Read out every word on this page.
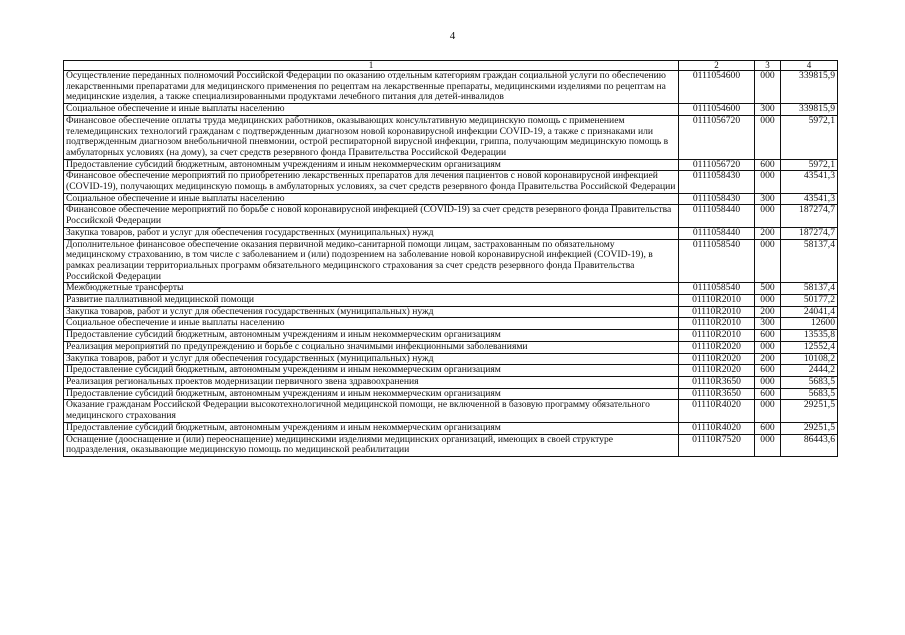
4
1	2	3	4
Осуществление переданных полномочий Российской Федерации по оказанию отдельным категориям граждан социальной услуги по обеспечению лекарственными препаратами для медицинского применения по рецептам на лекарственные препараты, медицинскими изделиями по рецептам на медицинские изделия, а также специализированными продуктами лечебного питания для детей-инвалидов	0111054600	000	339815,9
Социальное обеспечение и иные выплаты населению	0111054600	300	339815,9
Финансовое обеспечение оплаты труда медицинских работников, оказывающих консультативную медицинскую помощь с применением телемедицинских технологий гражданам с подтвержденным диагнозом новой коронавирусной инфекции COVID-19, а также с признаками или подтвержденным диагнозом внебольничной пневмонии, острой респираторной вирусной инфекции, гриппа, получающим медицинскую помощь в амбулаторных условиях (на дому), за счет средств резервного фонда Правительства Российской Федерации	0111056720	000	5972,1
Предоставление субсидий бюджетным, автономным учреждениям и иным некоммерческим организациям	0111056720	600	5972,1
Финансовое обеспечение мероприятий по приобретению лекарственных препаратов для лечения пациентов с новой коронавирусной инфекцией (COVID-19), получающих медицинскую помощь в амбулаторных условиях, за счет средств резервного фонда Правительства Российской Федерации	0111058430	000	43541,3
Социальное обеспечение и иные выплаты населению	0111058430	300	43541,3
Финансовое обеспечение мероприятий по борьбе с новой коронавирусной инфекцией (COVID-19) за счет средств резервного фонда Правительства Российской Федерации	0111058440	000	187274,7
Закупка товаров, работ и услуг для обеспечения государственных (муниципальных) нужд	0111058440	200	187274,7
Дополнительное финансовое обеспечение оказания первичной медико-санитарной помощи лицам, застрахованным по обязательному медицинскому страхованию, в том числе с заболеванием и (или) подозрением на заболевание новой коронавирусной инфекцией (COVID-19), в рамках реализации территориальных программ обязательного медицинского страхования за счет средств резервного фонда Правительства Российской Федерации	0111058540	000	58137,4
Межбюджетные трансферты	0111058540	500	58137,4
Развитие паллиативной медицинской помощи	01110R2010	000	50177,2
Закупка товаров, работ и услуг для обеспечения государственных (муниципальных) нужд	01110R2010	200	24041,4
Социальное обеспечение и иные выплаты населению	01110R2010	300	12600
Предоставление субсидий бюджетным, автономным учреждениям и иным некоммерческим организациям	01110R2010	600	13535,8
Реализация мероприятий по предупреждению и борьбе с социально значимыми инфекционными заболеваниями	01110R2020	000	12552,4
Закупка товаров, работ и услуг для обеспечения государственных (муниципальных) нужд	01110R2020	200	10108,2
Предоставление субсидий бюджетным, автономным учреждениям и иным некоммерческим организациям	01110R2020	600	2444,2
Реализация региональных проектов модернизации первичного звена здравоохранения	01110R3650	000	5683,5
Предоставление субсидий бюджетным, автономным учреждениям и иным некоммерческим организациям	01110R3650	600	5683,5
Оказание гражданам Российской Федерации высокотехнологичной медицинской помощи, не включенной в базовую программу обязательного медицинского страхования	01110R4020	000	29251,5
Предоставление субсидий бюджетным, автономным учреждениям и иным некоммерческим организациям	01110R4020	600	29251,5
Оснащение (дооснащение и (или) переоснащение) медицинскими изделиями медицинских организаций, имеющих в своей структуре подразделения, оказывающие медицинскую помощь по медицинской реабилитации	01110R7520	000	86443,6
